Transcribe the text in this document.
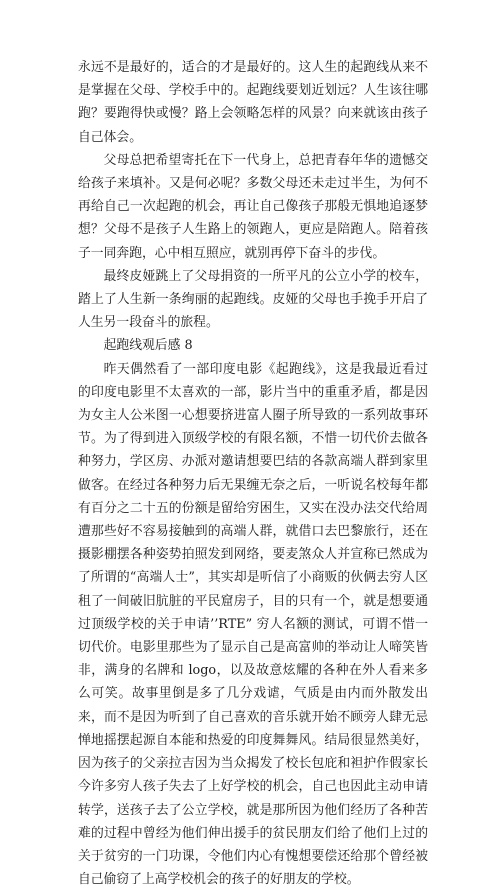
永远不是最好的，适合的才是最好的。这人生的起跑线从来不是掌握在父母、学校手中的。起跑线要划近划远？人生该往哪跑？要跑得快或慢？路上会领略怎样的风景？向来就该由孩子自己体会。

父母总把希望寄托在下一代身上，总把青春年华的遗憾交给孩子来填补。又是何必呢？多数父母还未走过半生，为何不再给自己一次起跑的机会，再让自己像孩子那般无惧地追逐梦想？父母不是孩子人生路上的领跑人，更应是陪跑人。陪着孩子一同奔跑，心中相互照应，就别再停下奋斗的步伐。

最终皮娅跳上了父母捐资的一所平凡的公立小学的校车，踏上了人生新一条绚丽的起跑线。皮娅的父母也手挽手开启了人生另一段奋斗的旅程。

起跑线观后感 8

昨天偶然看了一部印度电影《起跑线》，这是我最近看过的印度电影里不太喜欢的一部，影片当中的重重矛盾，都是因为女主人公米图一心想要挤进富人圈子所导致的一系列故事环节。为了得到进入顶级学校的有限名额，不惜一切代价去做各种努力，学区房、办派对邀请想要巴结的各款高端人群到家里做客。在经过各种努力后无果缠无奈之后，一听说名校每年都有百分之二十五的份额是留给穷困生，又实在没办法交代给周遭那些好不容易接触到的高端人群，就借口去巴黎旅行，还在摄影棚摆各种姿势拍照发到网络，要麦煞众人并宣称已然成为了所谓的“高端人士”，其实却是听信了小商贩的伙俩去穷人区租了一间破旧肮脏的平民窟房子，目的只有一个，就是想要通过顶级学校的关于申请’’RTE” 穷人名额的测试，可谓不惜一切代价。电影里那些为了显示自己是高富帅的举动让人啼笑皆非，满身的名牌和 logo，以及故意炫耀的各种在外人看来多么可笑。故事里倒是多了几分戏谑，气质是由内而外散发出来，而不是因为听到了自己喜欢的音乐就开始不顾旁人肆无忌惮地摇摆起源自本能和热爱的印度舞舞风。结局很显然美好，因为孩子的父亲拉吉因为当众揭发了校长包庇和袒护作假家长今许多穷人孩子失去了上好学校的机会，自己也因此主动申请转学，送孩子去了公立学校，就是那所因为他们经历了各种苦难的过程中曾经为他们伸出援手的贫民朋友们给了他们上过的关于贫穷的一门功课，令他们内心有愧想要偿还给那个曾经被自己偷窃了上高学校机会的孩子的好朋友的学校。
